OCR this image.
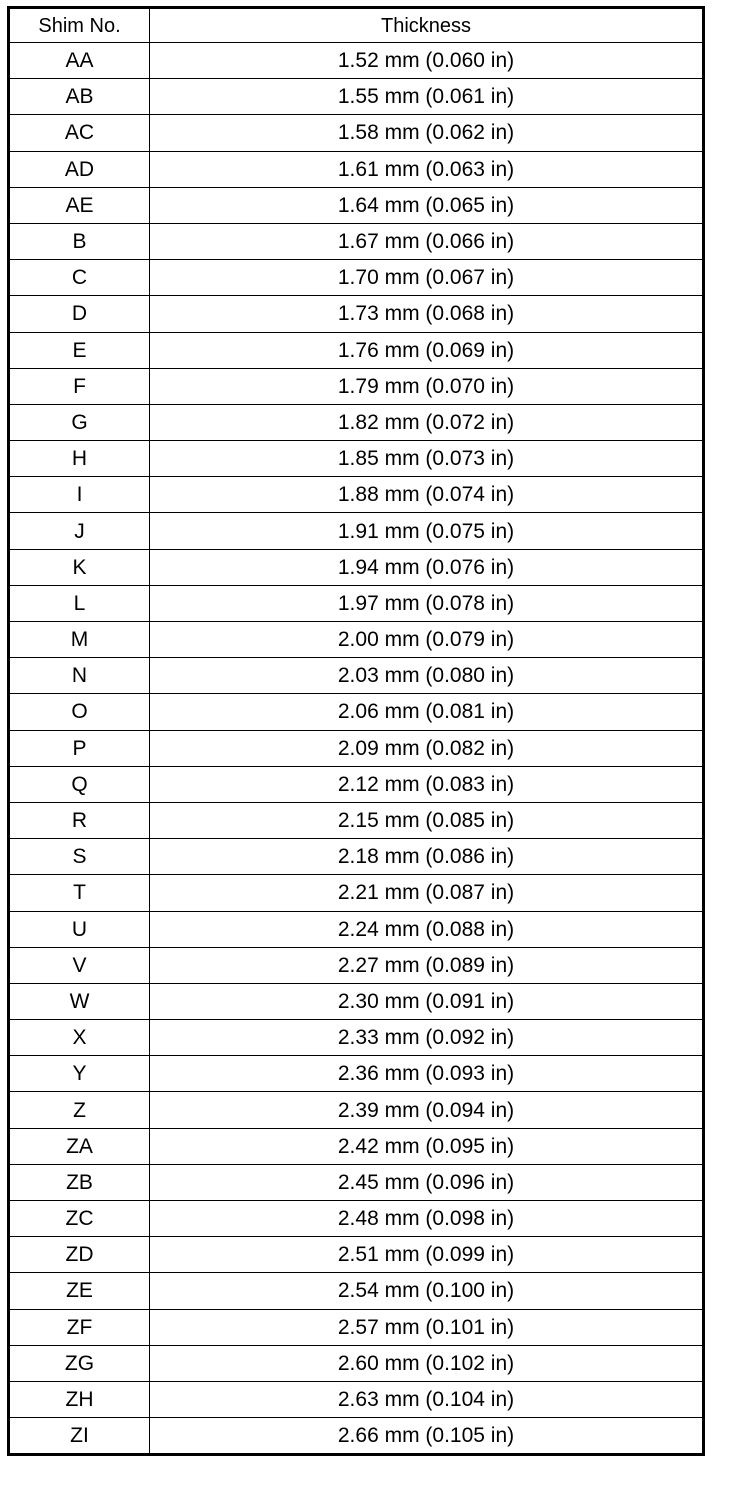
Shim No.	Thickness
AA	1.52 mm (0.060 in)
AB	1.55 mm (0.061 in)
AC	1.58 mm (0.062 in)
AD	1.61 mm (0.063 in)
AE	1.64 mm (0.065 in)
B	1.67 mm (0.066 in)
C	1.70 mm (0.067 in)
D	1.73 mm (0.068 in)
E	1.76 mm (0.069 in)
F	1.79 mm (0.070 in)
G	1.82 mm (0.072 in)
H	1.85 mm (0.073 in)
I	1.88 mm (0.074 in)
J	1.91 mm (0.075 in)
K	1.94 mm (0.076 in)
L	1.97 mm (0.078 in)
M	2.00 mm (0.079 in)
N	2.03 mm (0.080 in)
O	2.06 mm (0.081 in)
P	2.09 mm (0.082 in)
Q	2.12 mm (0.083 in)
R	2.15 mm (0.085 in)
S	2.18 mm (0.086 in)
T	2.21 mm (0.087 in)
U	2.24 mm (0.088 in)
V	2.27 mm (0.089 in)
W	2.30 mm (0.091 in)
X	2.33 mm (0.092 in)
Y	2.36 mm (0.093 in)
Z	2.39 mm (0.094 in)
ZA	2.42 mm (0.095 in)
ZB	2.45 mm (0.096 in)
ZC	2.48 mm (0.098 in)
ZD	2.51 mm (0.099 in)
ZE	2.54 mm (0.100 in)
ZF	2.57 mm (0.101 in)
ZG	2.60 mm (0.102 in)
ZH	2.63 mm (0.104 in)
ZI	2.66 mm (0.105 in)
